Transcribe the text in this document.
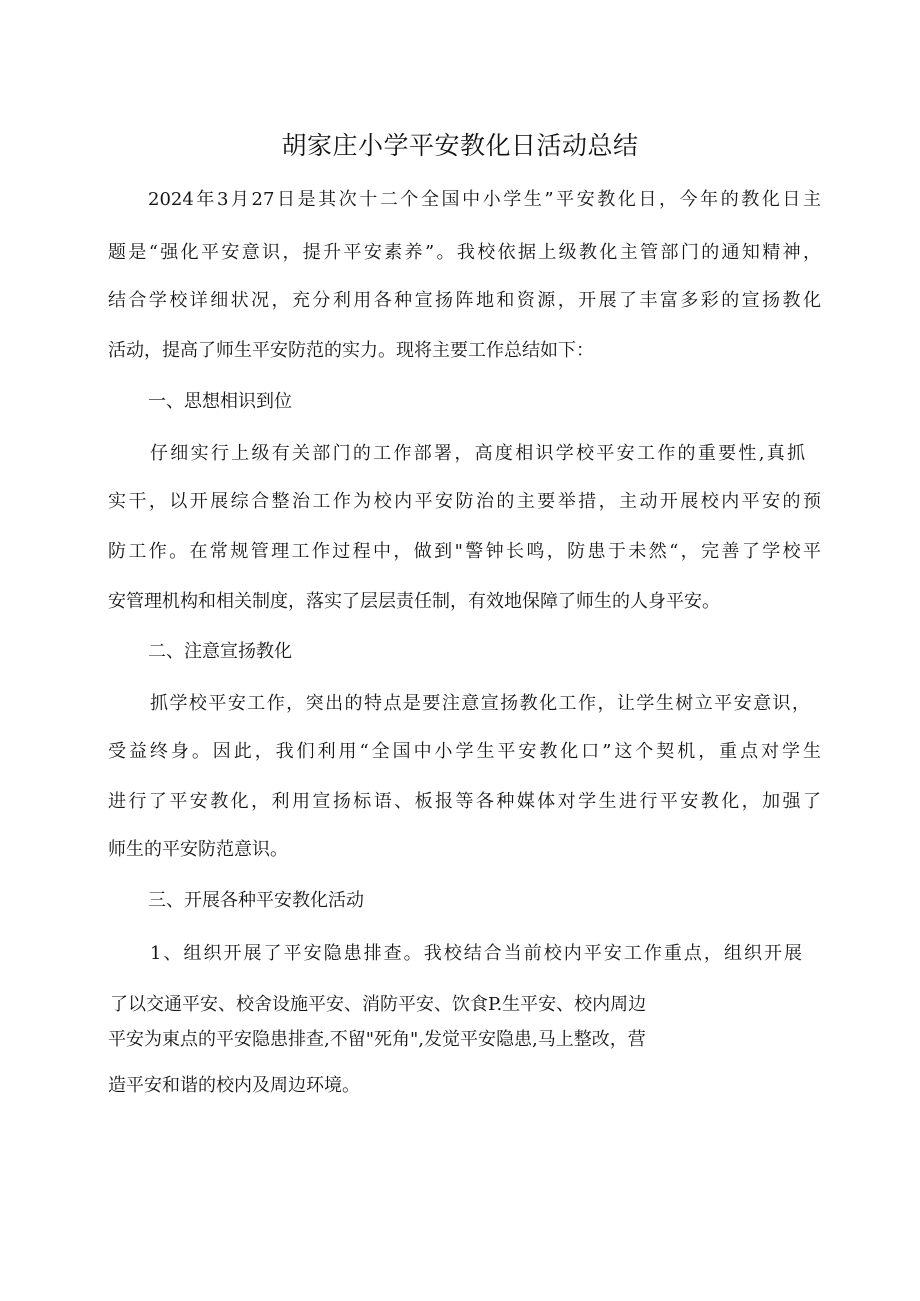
胡家庄小学平安教化日活动总结
2024年3月27日是其次十二个全国中小学生”平安教化日，今年的教化日主
题是“强化平安意识，提升平安素养”。我校依据上级教化主管部门的通知精神，
结合学校详细状况，充分利用各种宣扬阵地和资源，开展了丰富多彩的宣扬教化
活动，提高了师生平安防范的实力。现将主要工作总结如下：
一、思想相识到位
仔细实行上级有关部门的工作部署，高度相识学校平安工作的重要性,真抓
实干，以开展综合整治工作为校内平安防治的主要举措，主动开展校内平安的预
防工作。在常规管理工作过程中，做到"警钟长鸣，防患于未然“，完善了学校平
安管理机构和相关制度，落实了层层责任制，有效地保障了师生的人身平安。
二、注意宣扬教化
抓学校平安工作，突出的特点是要注意宣扬教化工作，让学生树立平安意识，
受益终身。因此，我们利用“全国中小学生平安教化口”这个契机，重点对学生
进行了平安教化，利用宣扬标语、板报等各种媒体对学生进行平安教化，加强了
师生的平安防范意识。
三、开展各种平安教化活动
1、组织开展了平安隐患排查。我校结合当前校内平安工作重点，组织开展
了以交通平安、校舍设施平安、消防平安、饮食P.生平安、校内周边
平安为東点的平安隐患排查,不留"死角",发觉平安隐患,马上整改，营
造平安和谐的校内及周边环境。
